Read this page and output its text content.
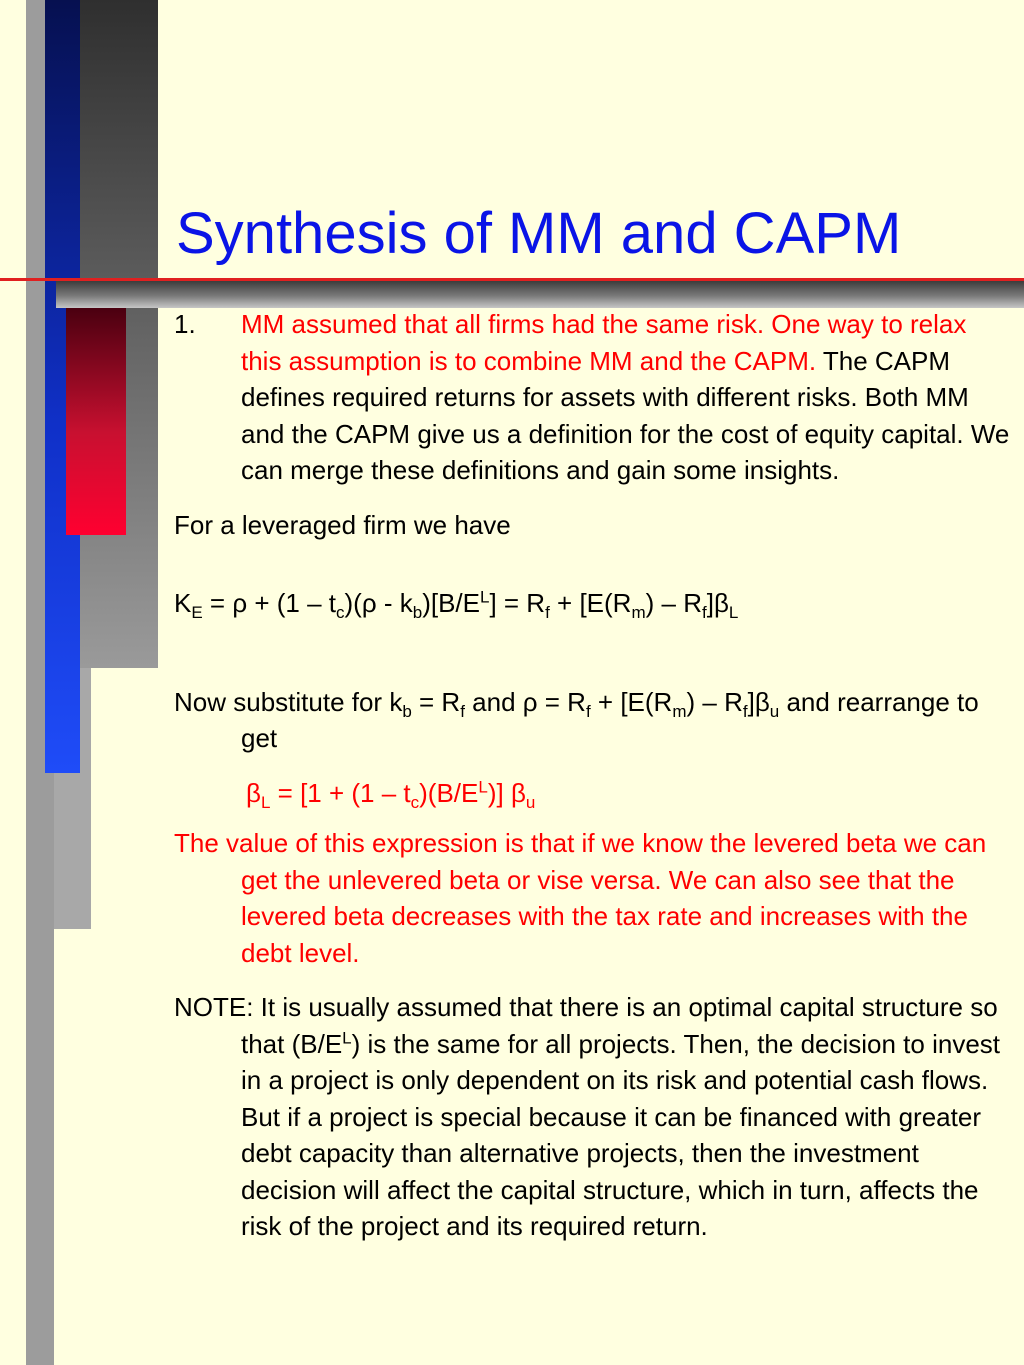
Synthesis of MM and CAPM

1. MM assumed that all firms had the same risk. One way to relax this assumption is to combine MM and the CAPM. The CAPM defines required returns for assets with different risks. Both MM and the CAPM give us a definition for the cost of equity capital. We can merge these definitions and gain some insights.

For a leveraged firm we have

$K_E = \rho + (1 - t_c)(\rho - k_b)[B/E^L] = R_f + [E(R_m) - R_f]\beta_L$

Now substitute for $k_b = R_f$ and $\rho = R_f + [E(R_m) - R_f]\beta_u$ and rearrange to get

$\beta_L = [1 + (1 - t_c)(B/E^L)]$ $\beta_u$

The value of this expression is that if we know the levered beta we can get the unlevered beta or vise versa. We can also see that the levered beta decreases with the tax rate and increases with the debt level.

NOTE: It is usually assumed that there is an optimal capital structure so that $(B/E^L)$ is the same for all projects. Then, the decision to invest in a project is only dependent on its risk and potential cash flows. But if a project is special because it can be financed with greater debt capacity than alternative projects, then the investment decision will affect the capital structure, which in turn, affects the risk of the project and its required return.
